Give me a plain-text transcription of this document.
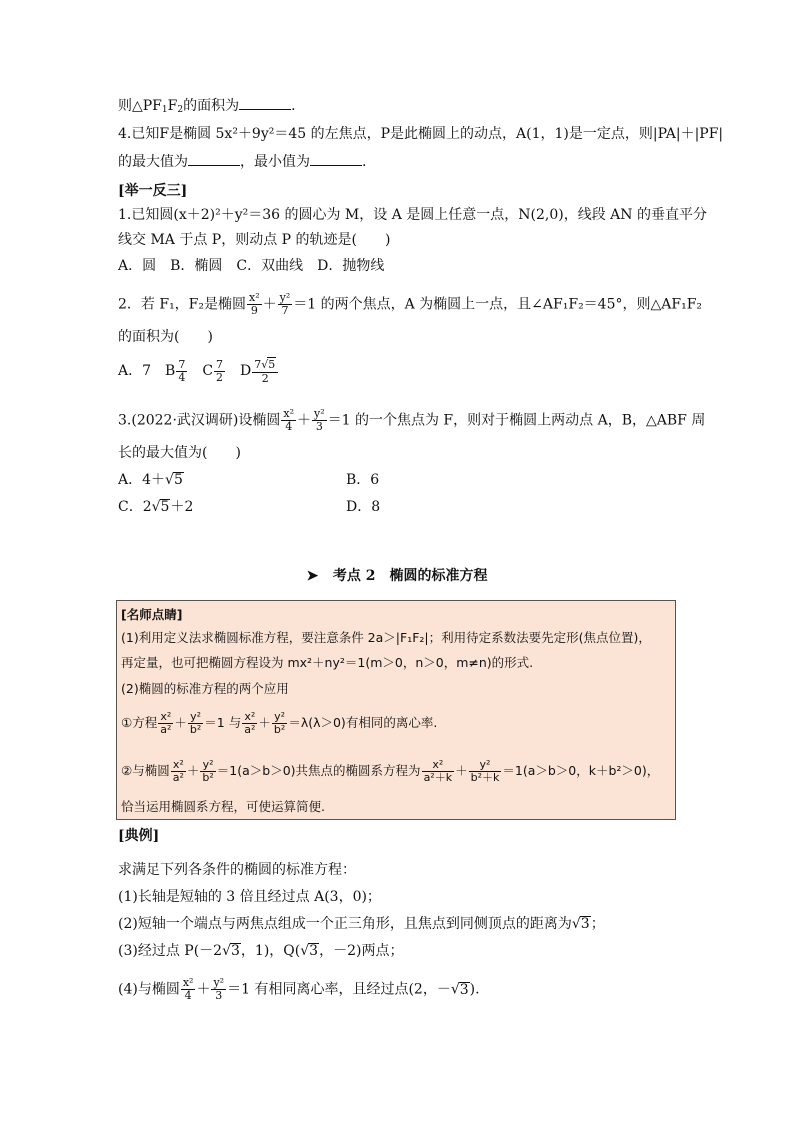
则$\triangle PF_1F_2$的面积为	.
4.已知F是椭圆 5x²＋9y²＝45 的左焦点，P是此椭圆上的动点，A(1，1)是一定点，则|PA|＋|PF|
的最大值为	，最小值为	.
[举一反三]
1.已知圆(x＋2)²＋y²＝36 的圆心为 M，设 A 是圆上任意一点，N(2,0)，线段 AN 的垂直平分
线交 MA 于点 P，则动点 P 的轨迹是(　　)
A．圆　B．椭圆　C．双曲线　D．抛物线
2．若 F₁，F₂是椭圆 $\frac{\text{x²}}{9} + \frac{\text{y²}}{7} =1$ 的两个焦点，A 为椭圆上一点，且∠AF₁F₂＝45°，则△AF₁F₂
的面积为(　　)
A．7　 B $\frac{7}{4}$
　 C $\frac{7}{2}$
　 D $\frac{7√5}{2}$
3.(2022·武汉调研)设椭圆 $\frac{\text{x²}}{4} + \frac{\text{y²}}{3} =1$ 的一个焦点为 F，则对于椭圆上两动点 A，B，△ABF 周
长的最大值为(　　)
A．4＋√5	B．6
C．2√5＋2	D．8
➤ 考点 2　椭圆的标准方程
[名师点睛]
(1)利用定义法求椭圆标准方程，要注意条件 2a＞|F₁F₂|；利用待定系数法要先定形(焦点位置)，
再定量，也可把椭圆方程设为 mx²＋ny²＝1(m＞0，n＞0，m≠n)的形式.
(2)椭圆的标准方程的两个应用
①方程 $\frac{\text{x²}}{\text{a²}} + \frac{\text{y²}}{\text{b²}} =1$ 与 $\frac{\text{x²}}{\text{a²}} + \frac{\text{y²}}{\text{b²}} =\lambda(\lambda>0)$有相同的离心率.
②与椭圆 $\frac{\text{x²}}{\text{a²}} + \frac{\text{y²}}{\text{b²}} =1(a>b>0)$共焦点的椭圆系方程为 $\frac{\text{x²}}{\text{a²＋k}} + \frac{\text{y²}}{\text{b²＋k}} =1(a>b>0$，k＋b²＞0)，
恰当运用椭圆系方程，可使运算简便.
[典例]
求满足下列各条件的椭圆的标准方程：
(1)长轴是短轴的 3 倍且经过点 A(3，0)；
(2)短轴一个端点与两焦点组成一个正三角形，且焦点到同侧顶点的距离为√3；
(3)经过点 P(－2√3，1)，Q(√3，－2)两点；
(4)与椭圆 $\frac{\text{x²}}{4} + \frac{\text{y²}}{3} =1$ 有相同离心率，且经过点(2，－√3).
